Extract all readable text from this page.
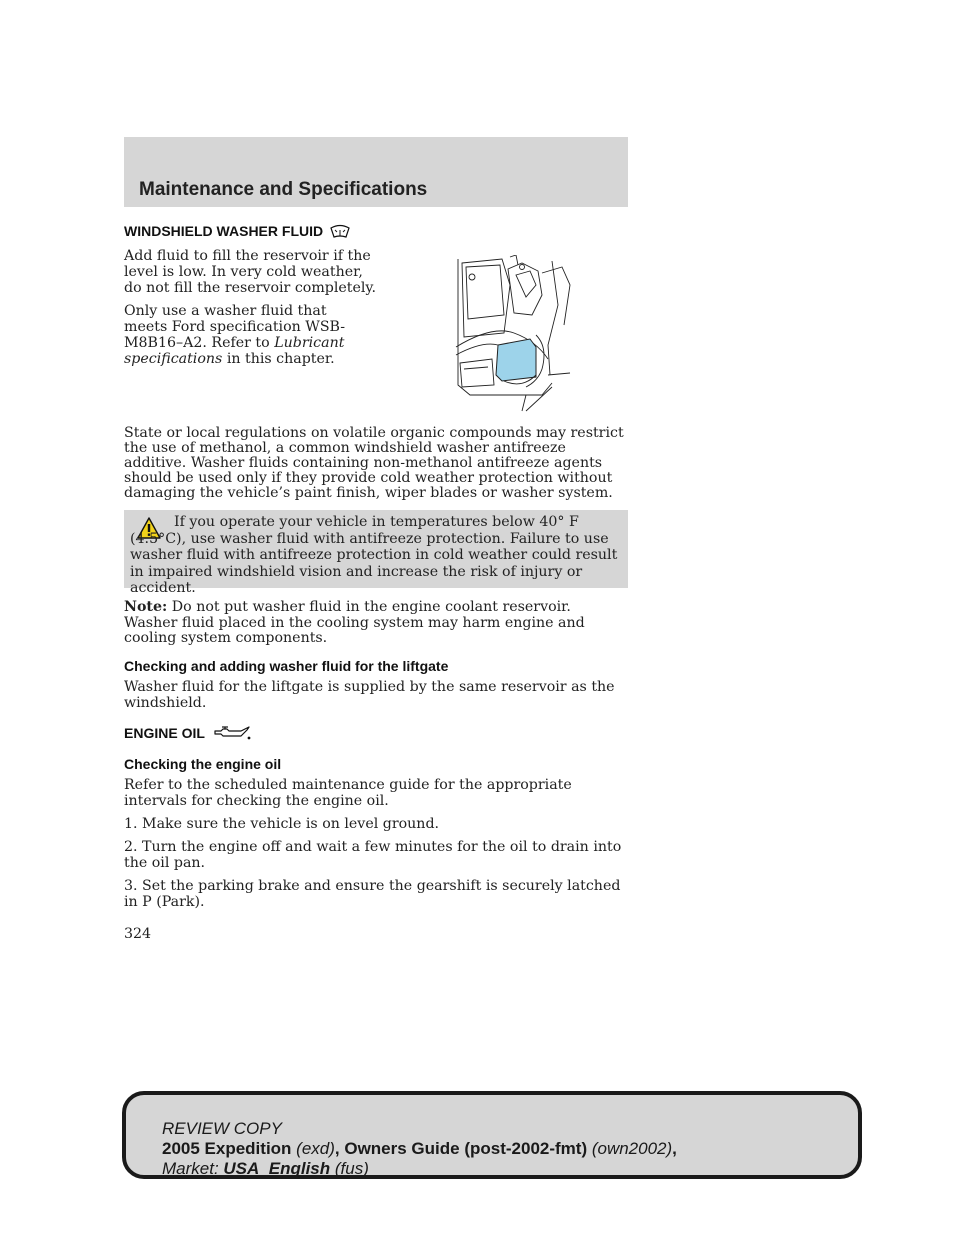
Maintenance and Specifications
WINDSHIELD WASHER FLUID
Add fluid to fill the reservoir if the level is low. In very cold weather, do not fill the reservoir completely.
Only use a washer fluid that meets Ford specification WSB-M8B16–A2. Refer to Lubricant specifications in this chapter.
State or local regulations on volatile organic compounds may restrict the use of methanol, a common windshield washer antifreeze additive. Washer fluids containing non-methanol antifreeze agents should be used only if they provide cold weather protection without damaging the vehicle’s paint finish, wiper blades or washer system.
If you operate your vehicle in temperatures below 40° F (4.5°C), use washer fluid with antifreeze protection. Failure to use washer fluid with antifreeze protection in cold weather could result in impaired windshield vision and increase the risk of injury or accident.
Note: Do not put washer fluid in the engine coolant reservoir. Washer fluid placed in the cooling system may harm engine and cooling system components.
Checking and adding washer fluid for the liftgate
Washer fluid for the liftgate is supplied by the same reservoir as the windshield.
ENGINE OIL
Checking the engine oil
Refer to the scheduled maintenance guide for the appropriate intervals for checking the engine oil.
1. Make sure the vehicle is on level ground.
2. Turn the engine off and wait a few minutes for the oil to drain into the oil pan.
3. Set the parking brake and ensure the gearshift is securely latched in P (Park).
324
REVIEW COPY
2005 Expedition (exd), Owners Guide (post-2002-fmt) (own2002),
Market: USA_English (fus)
